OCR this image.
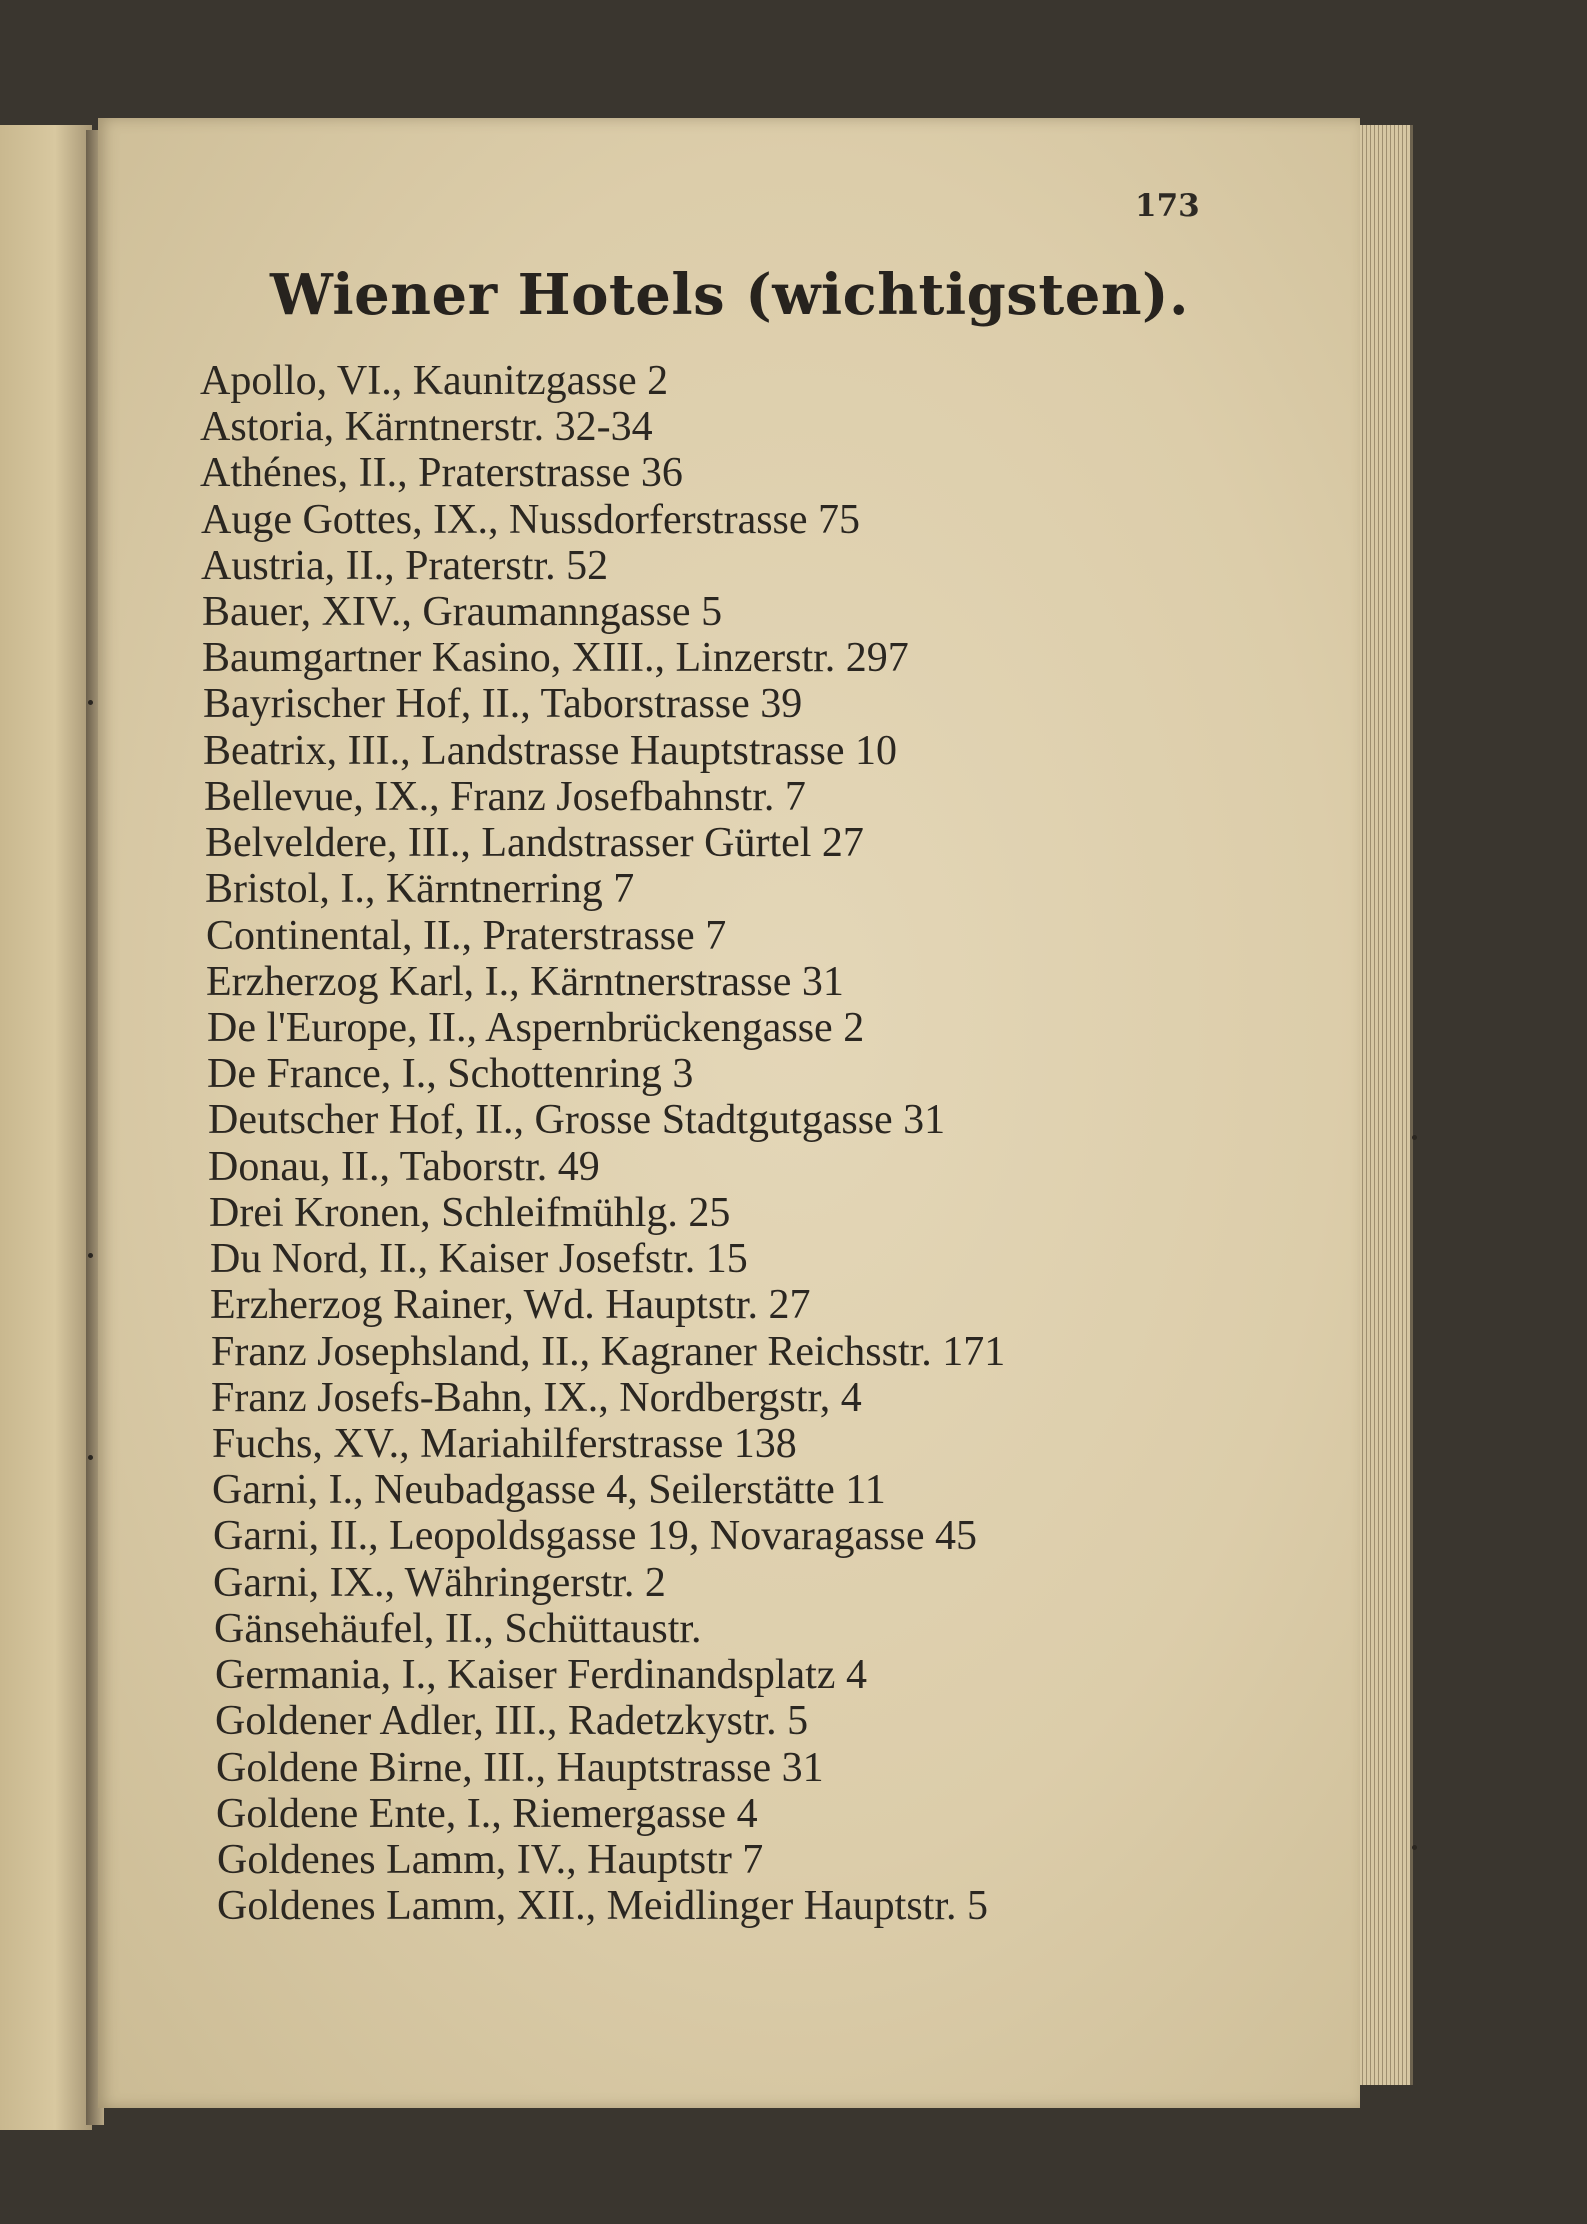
173
Wiener Hotels (wichtigsten).
Apollo, VI., Kaunitzgasse 2
Astoria, Kärntnerstr. 32-34
Athénes, II., Praterstrasse 36
Auge Gottes, IX., Nussdorferstrasse 75
Austria, II., Praterstr. 52
Bauer, XIV., Graumanngasse 5
Baumgartner Kasino, XIII., Linzerstr. 297
Bayrischer Hof, II., Taborstrasse 39
Beatrix, III., Landstrasse Hauptstrasse 10
Bellevue, IX., Franz Josefbahnstr. 7
Belveldere, III., Landstrasser Gürtel 27
Bristol, I., Kärntnerring 7
Continental, II., Praterstrasse 7
Erzherzog Karl, I., Kärntnerstrasse 31
De l'Europe, II., Aspernbrückengasse 2
De France, I., Schottenring 3
Deutscher Hof, II., Grosse Stadtgutgasse 31
Donau, II., Taborstr. 49
Drei Kronen, Schleifmühlg. 25
Du Nord, II., Kaiser Josefstr. 15
Erzherzog Rainer, Wd. Hauptstr. 27
Franz Josephsland, II., Kagraner Reichsstr. 171
Franz Josefs-Bahn, IX., Nordbergstr, 4
Fuchs, XV., Mariahilferstrasse 138
Garni, I., Neubadgasse 4, Seilerstätte 11
Garni, II., Leopoldsgasse 19, Novaragasse 45
Garni, IX., Währingerstr. 2
Gänsehäufel, II., Schüttaustr.
Germania, I., Kaiser Ferdinandsplatz 4
Goldener Adler, III., Radetzkystr. 5
Goldene Birne, III., Hauptstrasse 31
Goldene Ente, I., Riemergasse 4
Goldenes Lamm, IV., Hauptstr 7
Goldenes Lamm, XII., Meidlinger Hauptstr. 5
